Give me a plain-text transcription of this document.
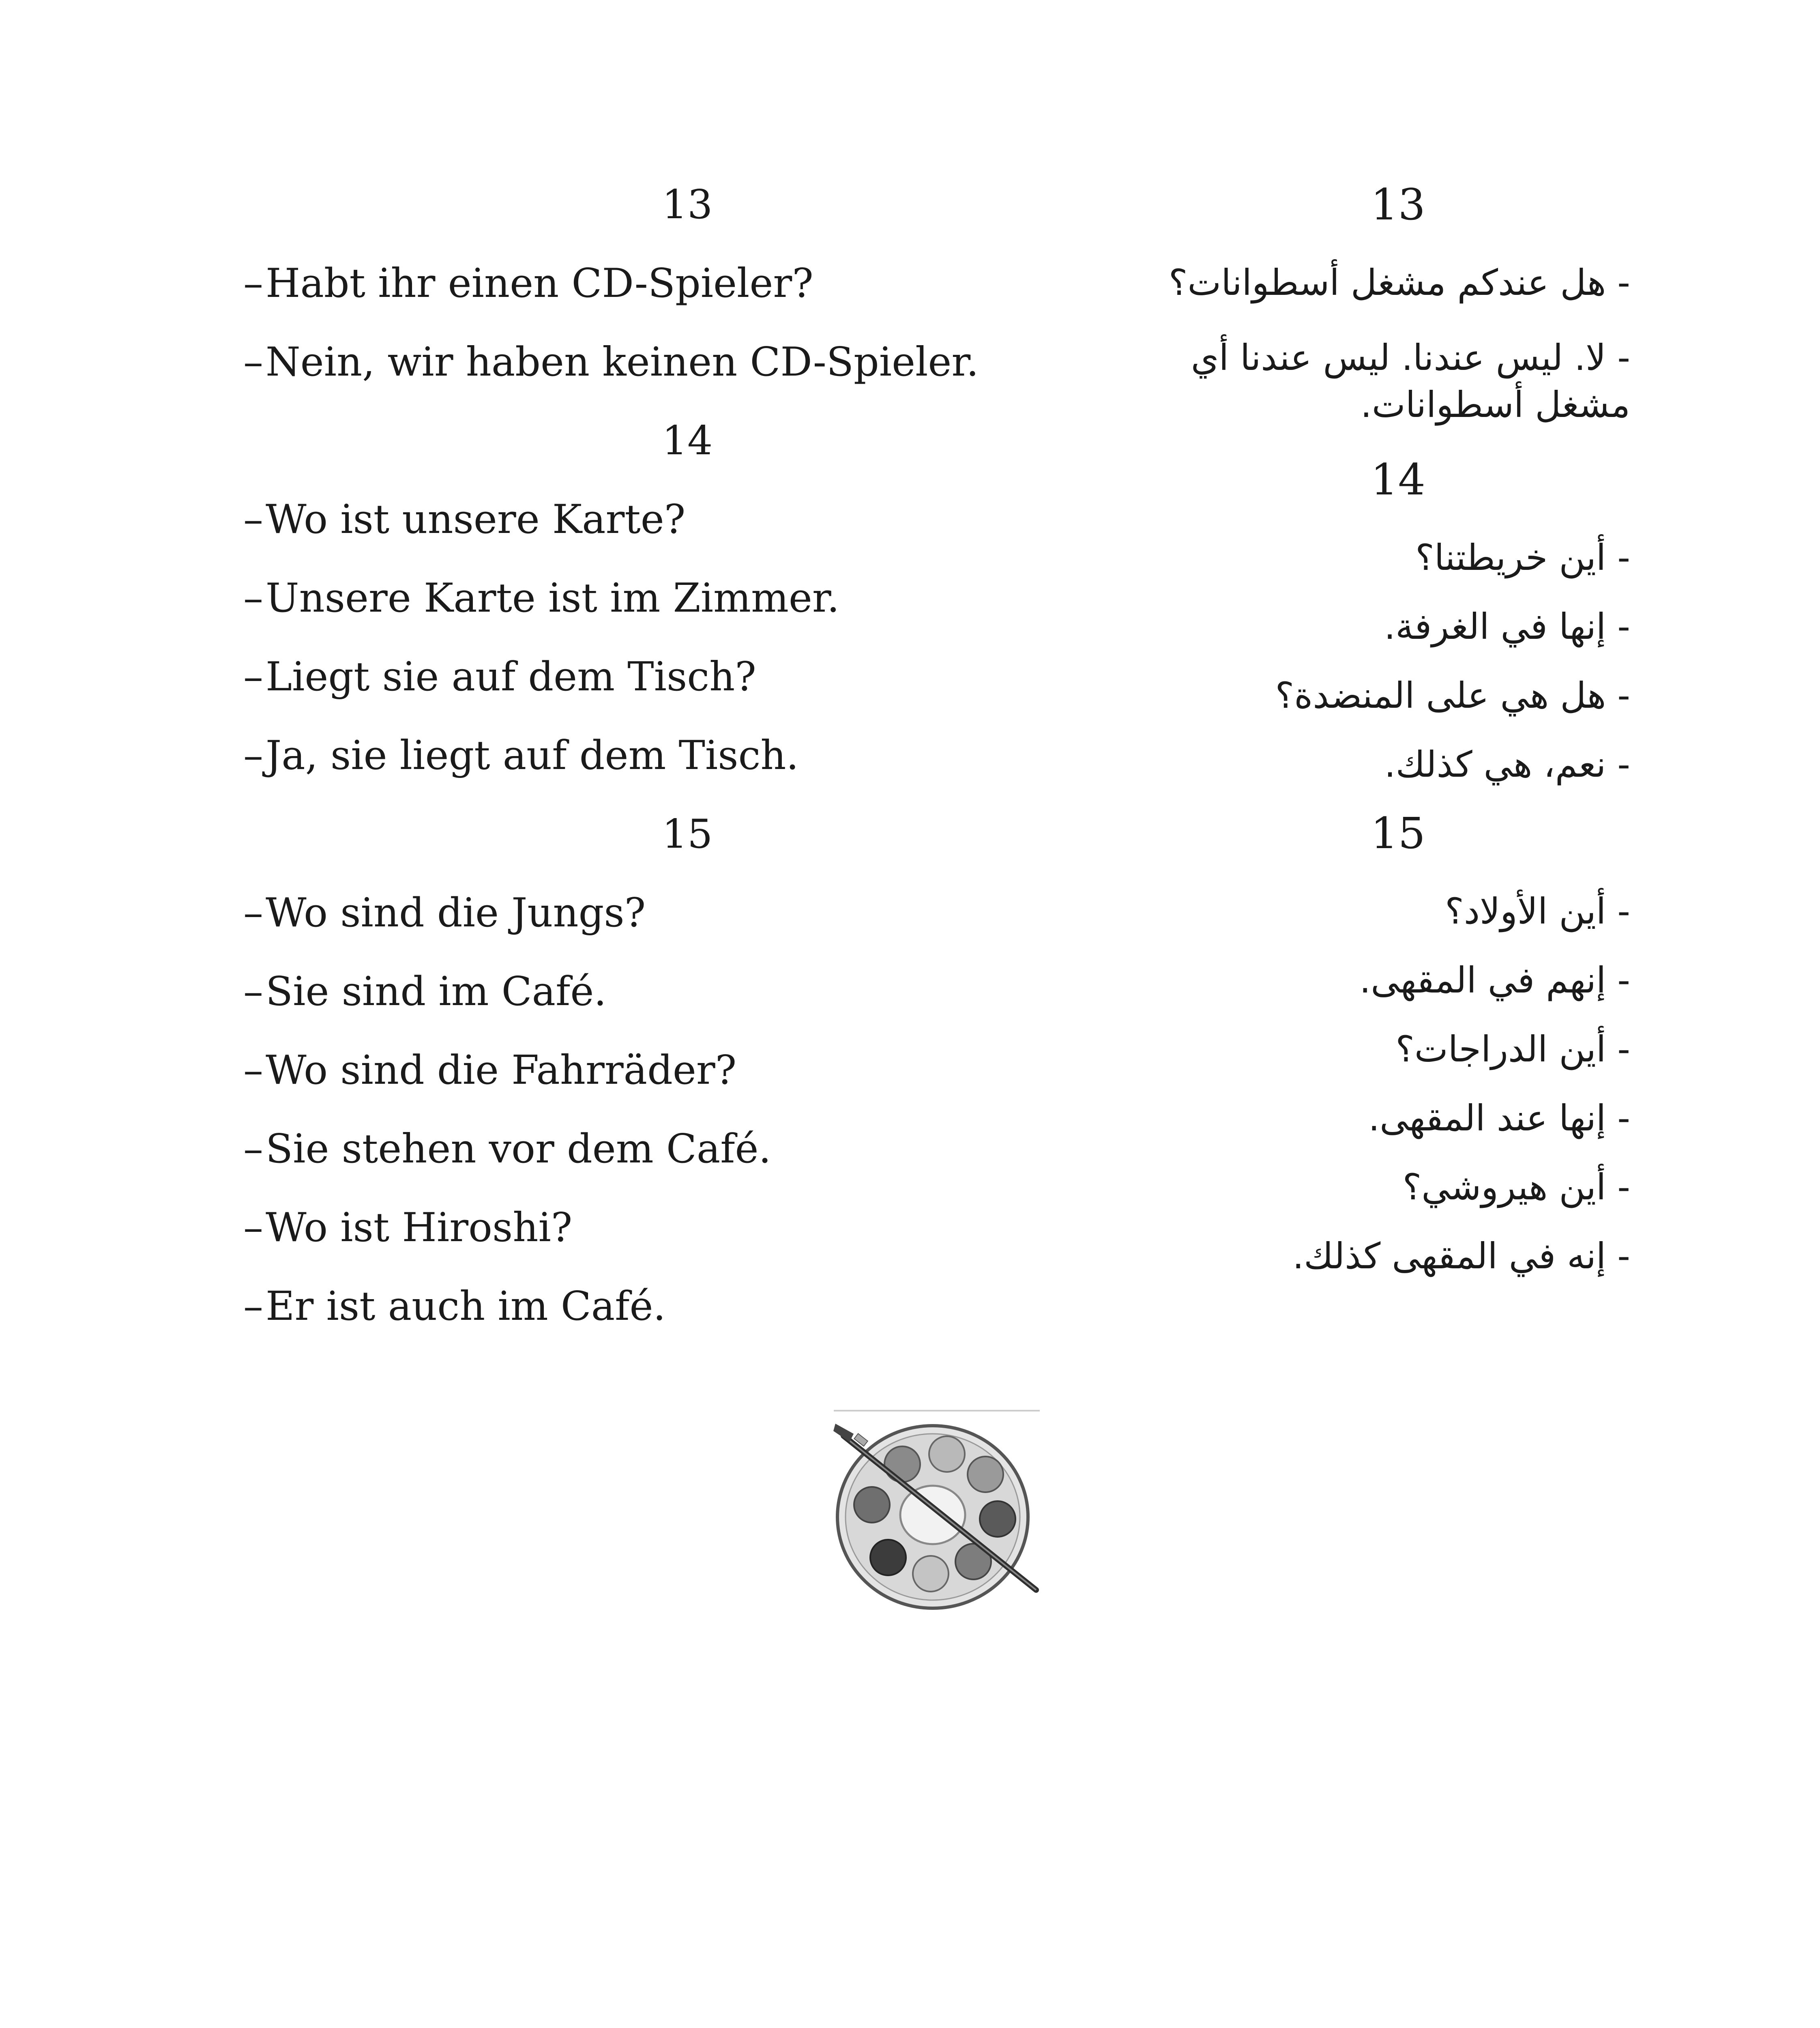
13
–Habt ihr einen CD-Spieler?
–Nein, wir haben keinen CD-Spieler.
14
–Wo ist unsere Karte?
–Unsere Karte ist im Zimmer.
–Liegt sie auf dem Tisch?
–Ja, sie liegt auf dem Tisch.
15
–Wo sind die Jungs?
–Sie sind im Café.
–Wo sind die Fahrräder?
–Sie stehen vor dem Café.
–Wo ist Hiroshi?
–Er ist auch im Café.
13
- هل عندكم مشغل أسطوانات؟
- لا. ليس عندنا. ليس عندنا أي مشغل أسطوانات.
14
- أين خريطتنا؟
- إنها في الغرفة.
- هل هي على المنضدة؟
- نعم، هي كذلك.
15
- أين الأولاد؟
- إنهم في المقهى.
- أين الدراجات؟
- إنها عند المقهى.
- أين هيروشي؟
- إنه في المقهى كذلك.
